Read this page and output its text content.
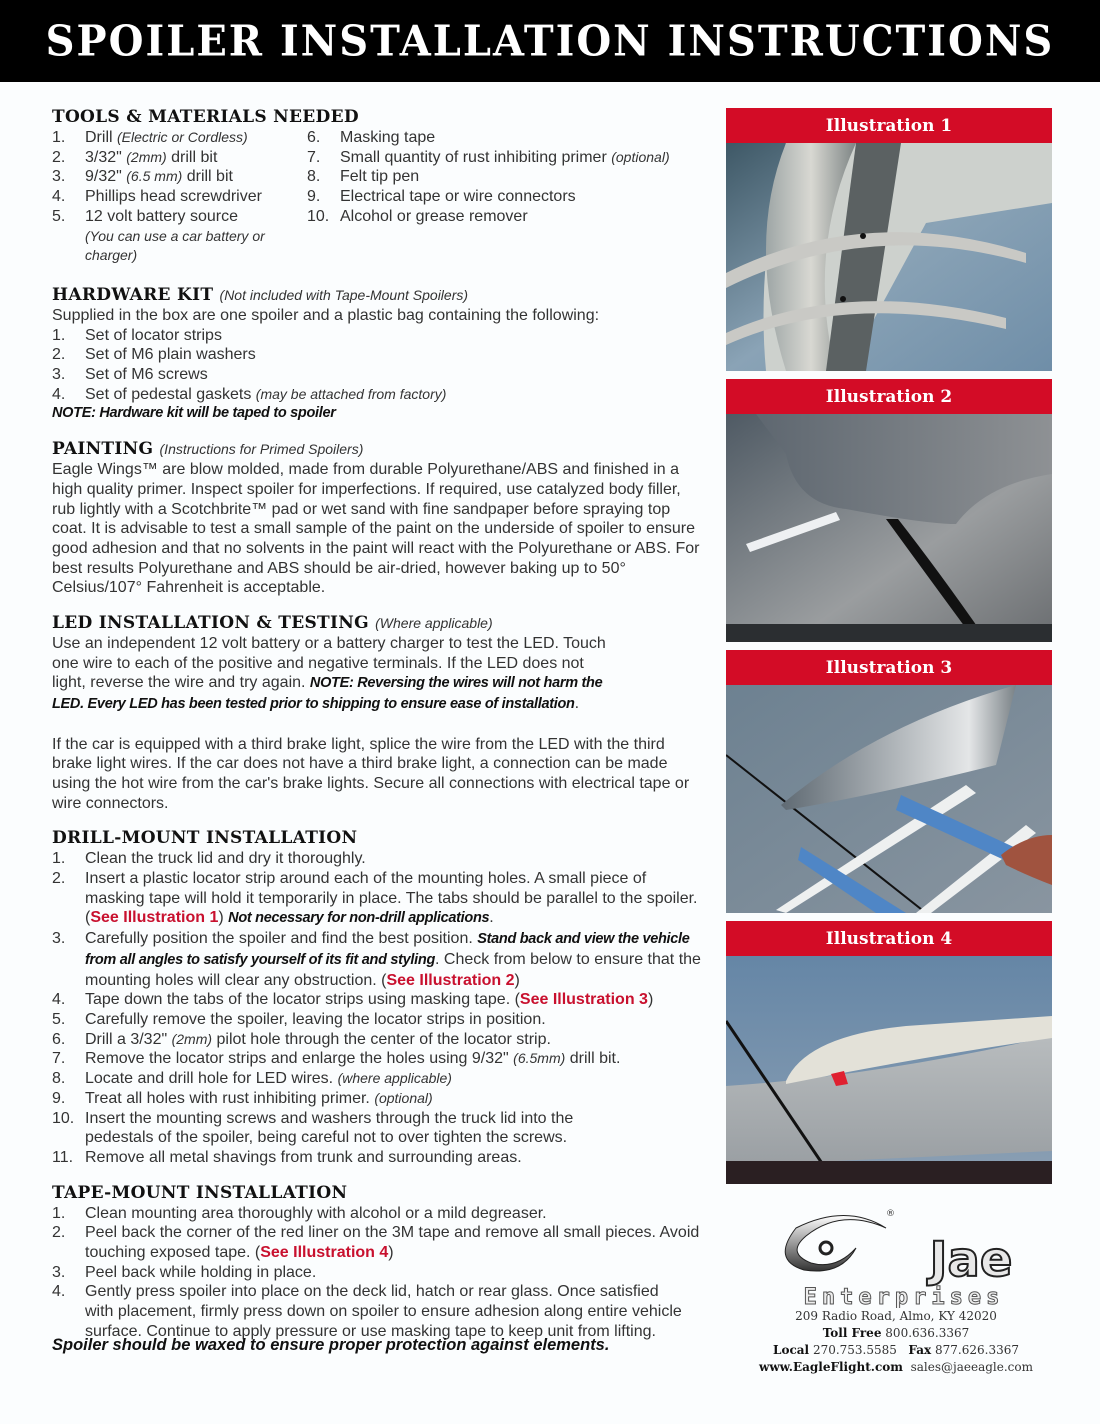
SPOILER INSTALLATION INSTRUCTIONS
TOOLS & MATERIALS NEEDED
1.	Drill (Electric or Cordless)
2.	3/32" (2mm) drill bit
3.	9/32" (6.5 mm) drill bit
4.	Phillips head screwdriver
5.	12 volt battery source
(You can use a car battery or charger)
6.	Masking tape
7.	Small quantity of rust inhibiting primer (optional)
8.	Felt tip pen
9.	Electrical tape or wire connectors
10. Alcohol or grease remover
HARDWARE KIT (Not included with Tape-Mount Spoilers)
Supplied in the box are one spoiler and a plastic bag containing the following:
1.	Set of locator strips
2.	Set of M6 plain washers
3.	Set of M6 screws
4.	Set of pedestal gaskets (may be attached from factory)
NOTE: Hardware kit will be taped to spoiler
PAINTING (Instructions for Primed Spoilers)
Eagle Wings™ are blow molded, made from durable Polyurethane/ABS and finished in a high quality primer. Inspect spoiler for imperfections. If required, use catalyzed body filler, rub lightly with a Scotchbrite™ pad or wet sand with fine sandpaper before spraying top coat. It is advisable to test a small sample of the paint on the underside of spoiler to ensure good adhesion and that no solvents in the paint will react with the Polyurethane or ABS. For best results Polyurethane and ABS should be air-dried, however baking up to 50° Celsius/107° Fahrenheit is acceptable.
LED INSTALLATION & TESTING (Where applicable)
Use an independent 12 volt battery or a battery charger to test the LED. Touch one wire to each of the positive and negative terminals. If the LED does not light, reverse the wire and try again. NOTE: Reversing the wires will not harm the LED. Every LED has been tested prior to shipping to ensure ease of installation.
If the car is equipped with a third brake light, splice the wire from the LED with the third brake light wires. If the car does not have a third brake light, a connection can be made using the hot wire from the car's brake lights. Secure all connections with electrical tape or wire connectors.
DRILL-MOUNT INSTALLATION
1.	Clean the truck lid and dry it thoroughly.
2.	Insert a plastic locator strip around each of the mounting holes. A small piece of masking tape will hold it temporarily in place. The tabs should be parallel to the spoiler. (See Illustration 1) Not necessary for non-drill applications.
3.	Carefully position the spoiler and find the best position. Stand back and view the vehicle from all angles to satisfy yourself of its fit and styling. Check from below to ensure that the mounting holes will clear any obstruction. (See Illustration 2)
4.	Tape down the tabs of the locator strips using masking tape. (See Illustration 3)
5.	Carefully remove the spoiler, leaving the locator strips in position.
6.	Drill a 3/32" (2mm) pilot hole through the center of the locator strip.
7.	Remove the locator strips and enlarge the holes using 9/32" (6.5mm) drill bit.
8.	Locate and drill hole for LED wires. (where applicable)
9.	Treat all holes with rust inhibiting primer. (optional)
10. Insert the mounting screws and washers through the truck lid into the pedestals of the spoiler, being careful not to over tighten the screws.
11. Remove all metal shavings from trunk and surrounding areas.
TAPE-MOUNT INSTALLATION
1.	Clean mounting area thoroughly with alcohol or a mild degreaser.
2.	Peel back the corner of the red liner on the 3M tape and remove all small pieces. Avoid touching exposed tape. (See Illustration 4)
3.	Peel back while holding in place.
4.	Gently press spoiler into place on the deck lid, hatch or rear glass. Once satisfied with placement, firmly press down on spoiler to ensure adhesion along entire vehicle surface. Continue to apply pressure or use masking tape to keep unit from lifting.
Spoiler should be waxed to ensure proper protection against elements.
Illustration 1
Illustration 2
Illustration 3
Illustration 4
Jae
Enterprises
®
209 Radio Road, Almo, KY 42020
Toll Free 800.636.3367
Local 270.753.5585 Fax 877.626.3367
www.EagleFlight.com sales@jaeeagle.com
